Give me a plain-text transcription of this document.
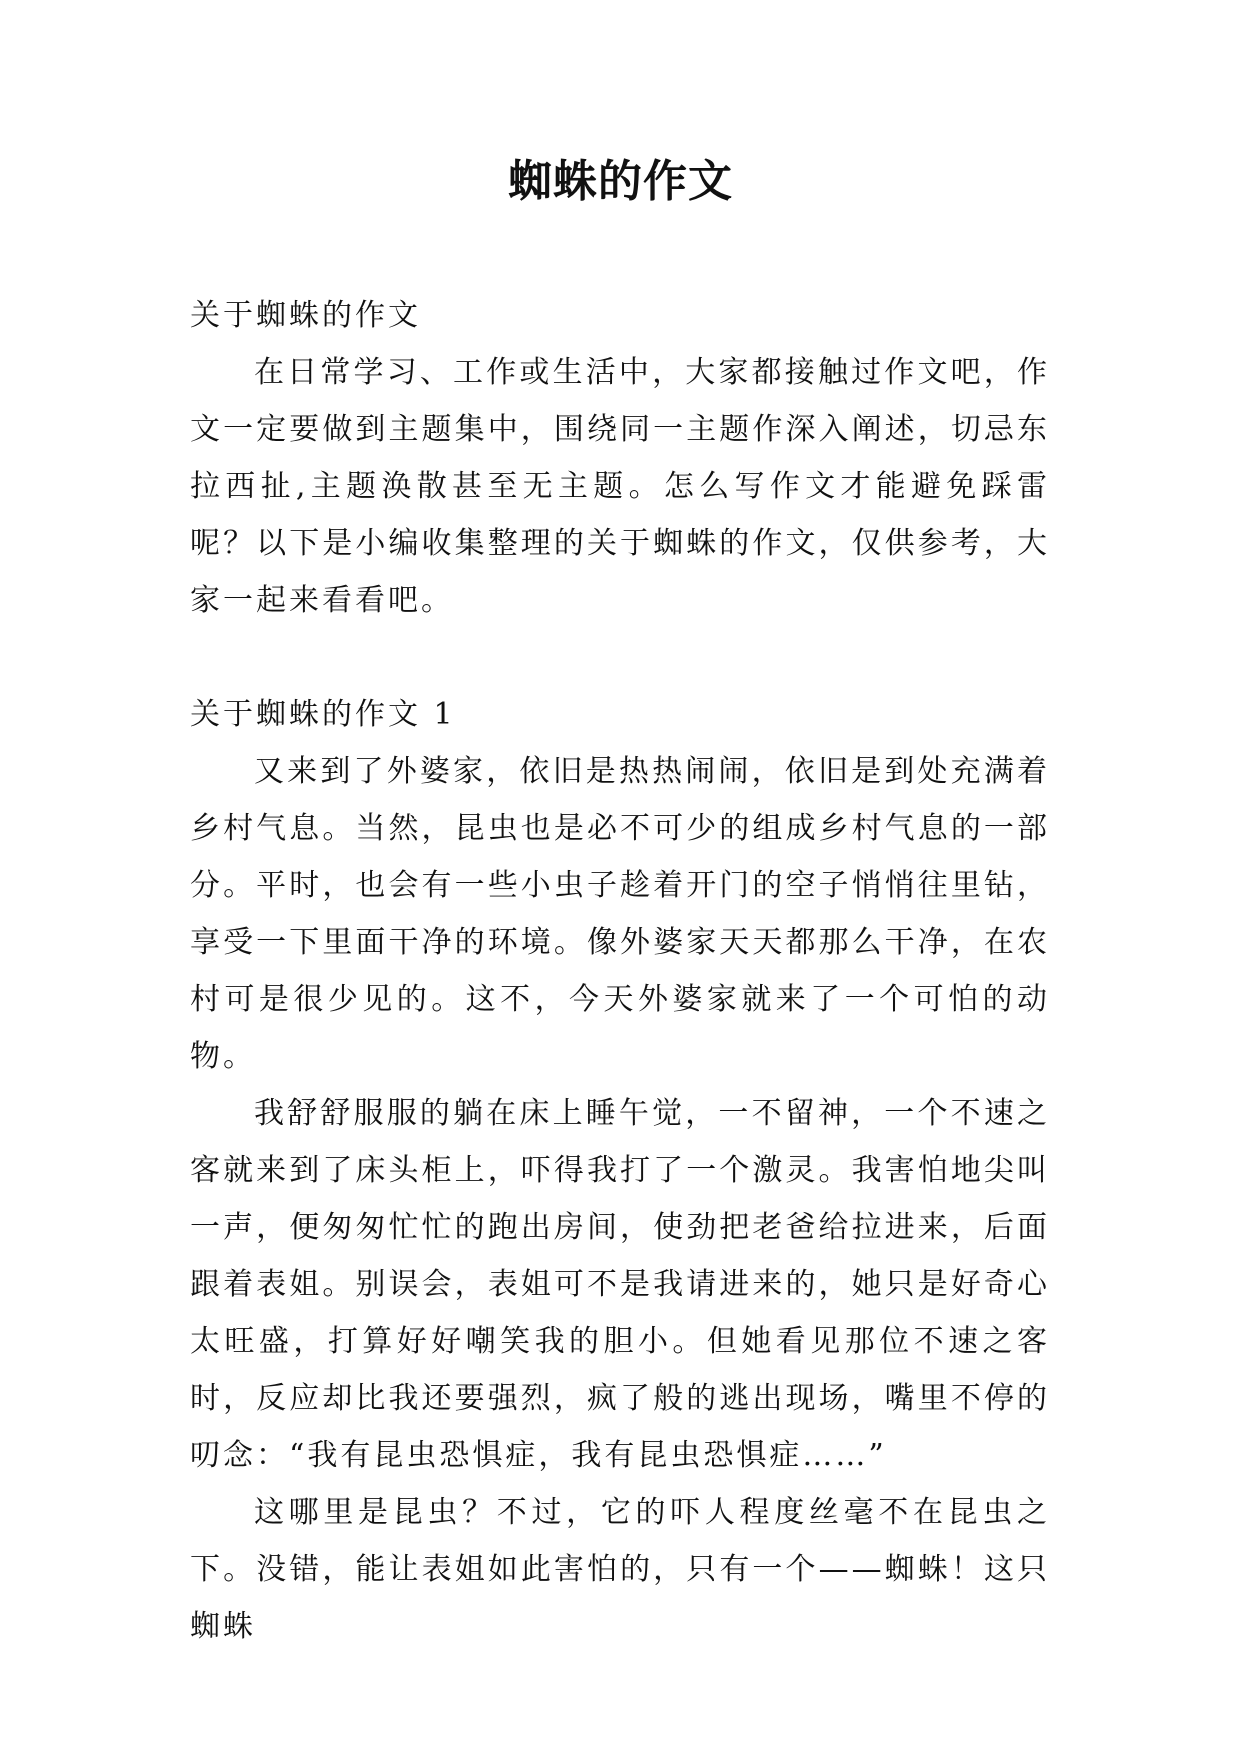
蜘蛛的作文
关于蜘蛛的作文

在日常学习、工作或生活中，大家都接触过作文吧，作文一定要做到主题集中，围绕同一主题作深入阐述，切忌东拉西扯,主题涣散甚至无主题。怎么写作文才能避免踩雷呢？以下是小编收集整理的关于蜘蛛的作文，仅供参考，大家一起来看看吧。

关于蜘蛛的作文 1

又来到了外婆家，依旧是热热闹闹，依旧是到处充满着乡村气息。当然，昆虫也是必不可少的组成乡村气息的一部分。平时，也会有一些小虫子趁着开门的空子悄悄往里钻，享受一下里面干净的环境。像外婆家天天都那么干净，在农村可是很少见的。这不，今天外婆家就来了一个可怕的动物。

我舒舒服服的躺在床上睡午觉，一不留神，一个不速之客就来到了床头柜上，吓得我打了一个激灵。我害怕地尖叫一声，便匆匆忙忙的跑出房间，使劲把老爸给拉进来，后面跟着表姐。别误会，表姐可不是我请进来的，她只是好奇心太旺盛，打算好好嘲笑我的胆小。但她看见那位不速之客时，反应却比我还要强烈，疯了般的逃出现场，嘴里不停的叨念：“我有昆虫恐惧症，我有昆虫恐惧症……”

这哪里是昆虫？不过，它的吓人程度丝毫不在昆虫之下。没错，能让表姐如此害怕的，只有一个——蜘蛛！这只蜘蛛
